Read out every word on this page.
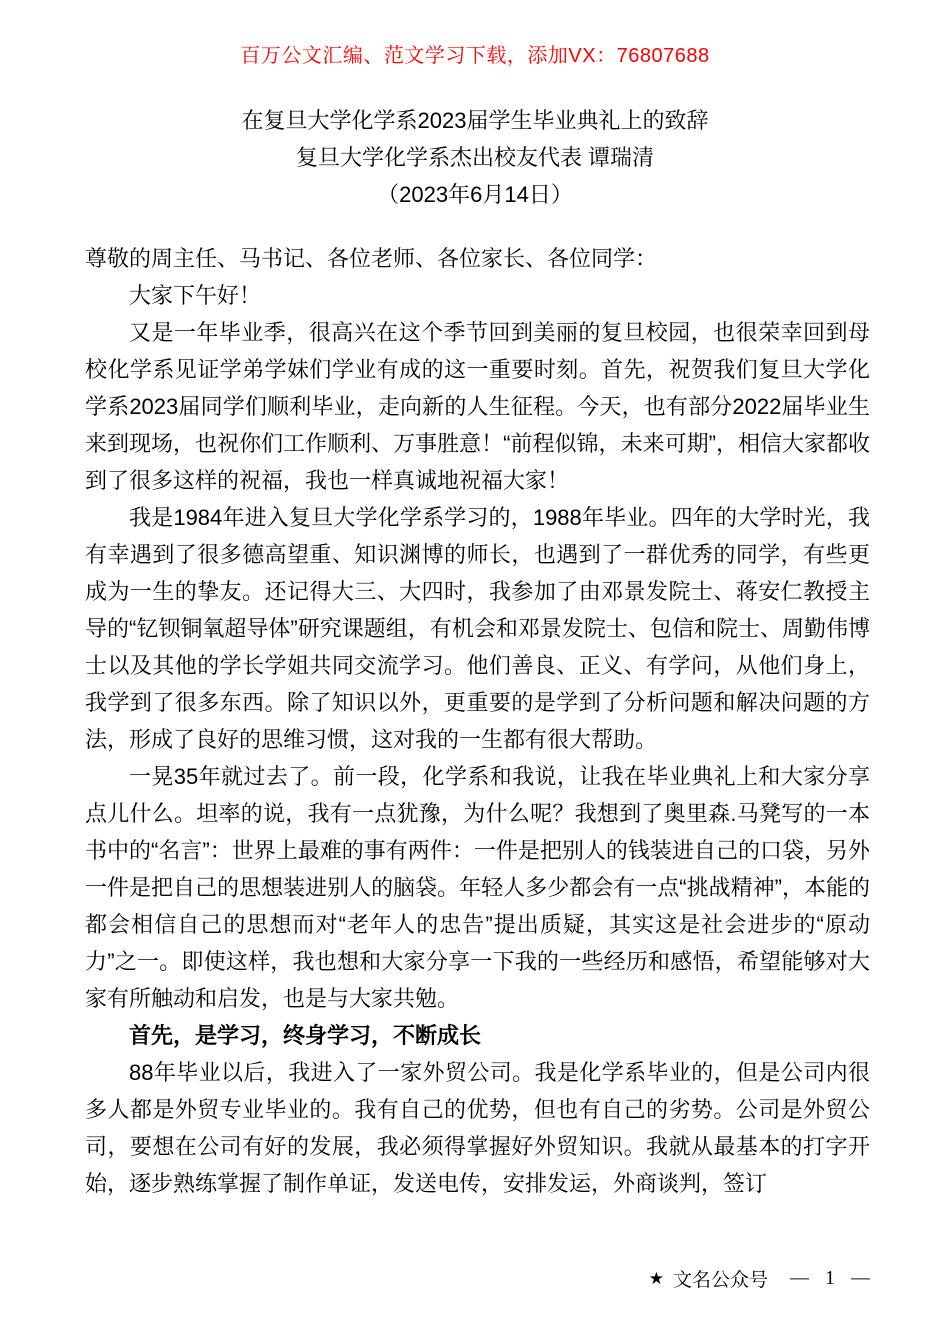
百万公文汇编、范文学习下载，添加VX：76807688
在复旦大学化学系2023届学生毕业典礼上的致辞
复旦大学化学系杰出校友代表 谭瑞清
（2023年6月14日）

尊敬的周主任、马书记、各位老师、各位家长、各位同学：

大家下午好！

又是一年毕业季，很高兴在这个季节回到美丽的复旦校园，也很荣幸回到母校化学系见证学弟学妹们学业有成的这一重要时刻。首先，祝贺我们复旦大学化学系2023届同学们顺利毕业，走向新的人生征程。今天，也有部分2022届毕业生来到现场，也祝你们工作顺利、万事胜意！“前程似锦，未来可期”，相信大家都收到了很多这样的祝福，我也一样真诚地祝福大家！

我是1984年进入复旦大学化学系学习的，1988年毕业。四年的大学时光，我有幸遇到了很多德高望重、知识渊博的师长，也遇到了一群优秀的同学，有些更成为一生的挚友。还记得大三、大四时，我参加了由邓景发院士、蒋安仁教授主导的“钇钡铜氧超导体”研究课题组，有机会和邓景发院士、包信和院士、周勤伟博士以及其他的学长学姐共同交流学习。他们善良、正义、有学问，从他们身上，我学到了很多东西。除了知识以外，更重要的是学到了分析问题和解决问题的方法，形成了良好的思维习惯，这对我的一生都有很大帮助。

一晃35年就过去了。前一段，化学系和我说，让我在毕业典礼上和大家分享点儿什么。坦率的说，我有一点犹豫，为什么呢？我想到了奥里森.马凳写的一本书中的“名言”：世界上最难的事有两件：一件是把别人的钱装进自己的口袋，另外一件是把自己的思想装进别人的脑袋。年轻人多少都会有一点“挑战精神”，本能的都会相信自己的思想而对“老年人的忠告”提出质疑，其实这是社会进步的“原动力”之一。即使这样，我也想和大家分享一下我的一些经历和感悟，希望能够对大家有所触动和启发，也是与大家共勉。

首先，是学习，终身学习，不断成长

88年毕业以后，我进入了一家外贸公司。我是化学系毕业的，但是公司内很多人都是外贸专业毕业的。我有自己的优势，但也有自己的劣势。公司是外贸公司，要想在公司有好的发展，我必须得掌握好外贸知识。我就从最基本的打字开始，逐步熟练掌握了制作单证，发送电传，安排发运，外商谈判，签订

★ 文名公众号 — 1 —
